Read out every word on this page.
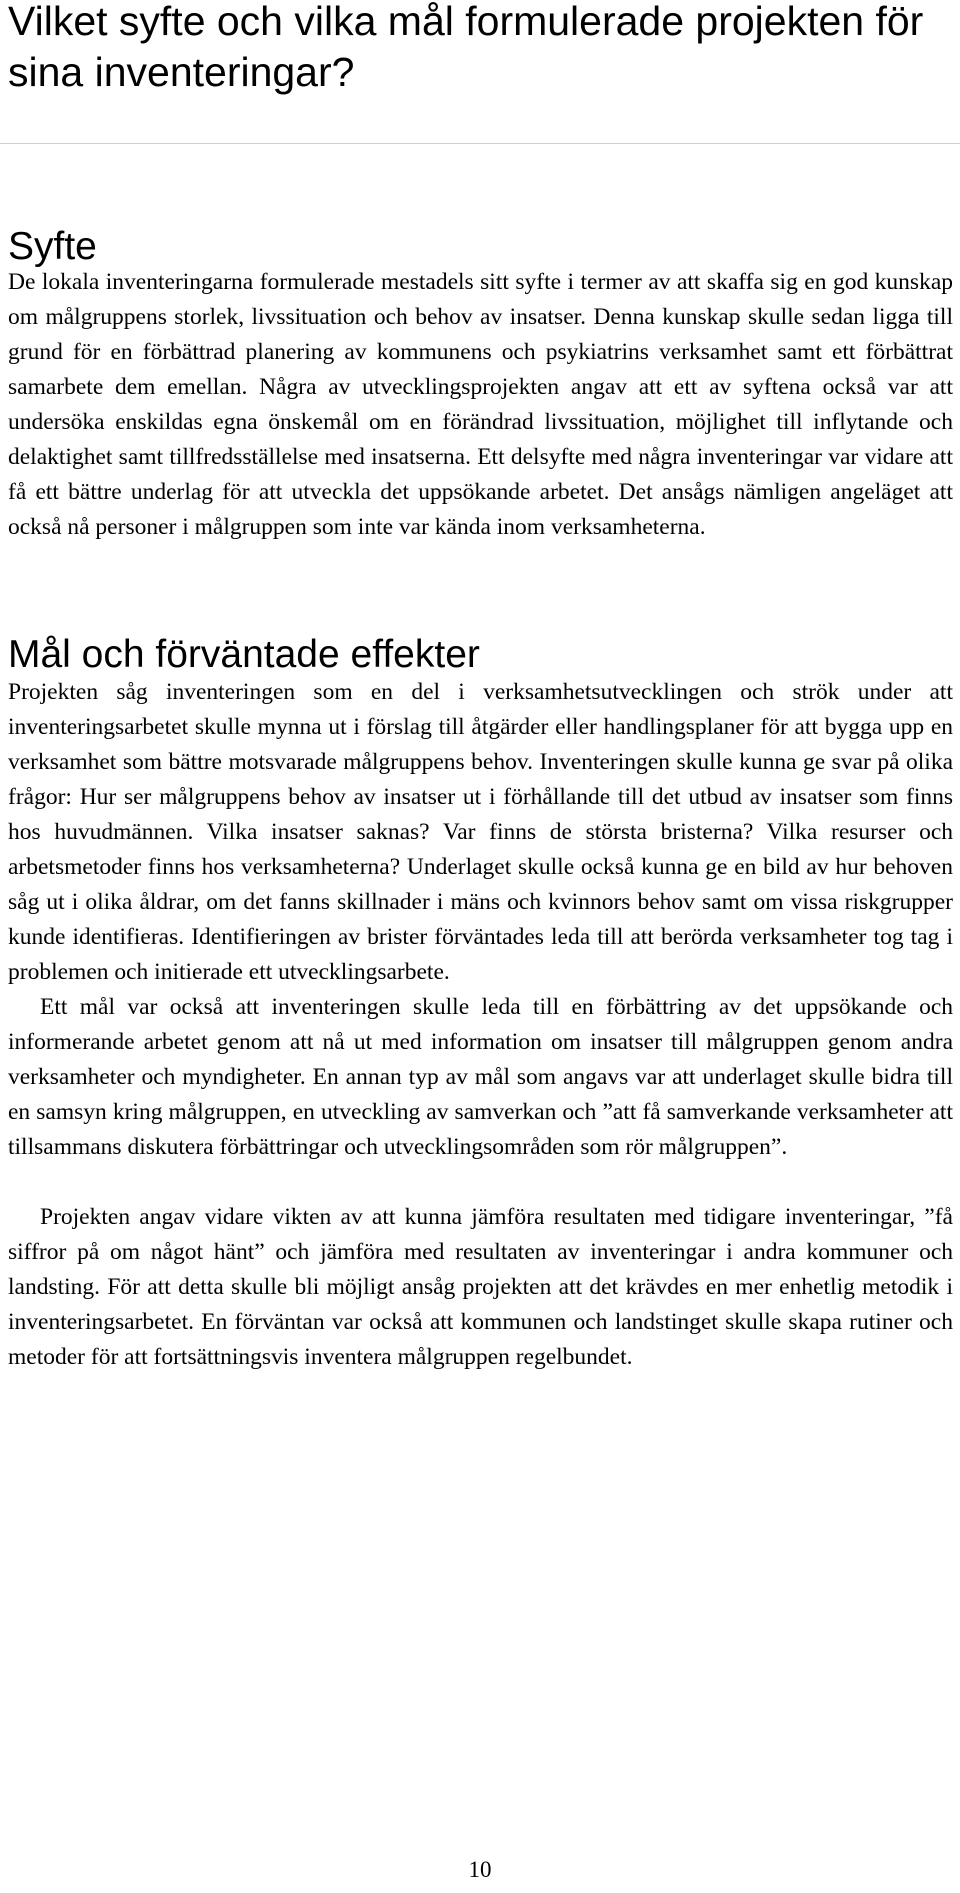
Vilket syfte och vilka mål formulerade projekten för sina inventeringar?
Syfte

De lokala inventeringarna formulerade mestadels sitt syfte i termer av att skaffa sig en god kunskap om målgruppens storlek, livssituation och behov av insatser. Denna kunskap skulle sedan ligga till grund för en förbättrad planering av kommunens och psykiatrins verksamhet samt ett förbättrat samarbete dem emellan. Några av utvecklingsprojekten angav att ett av syftena också var att undersöka enskildas egna önskemål om en förändrad livssituation, möjlighet till inflytande och delaktighet samt tillfredsställelse med insatserna. Ett delsyfte med några inventeringar var vidare att få ett bättre underlag för att utveckla det uppsökande arbetet. Det ansågs nämligen angeläget att också nå personer i målgruppen som inte var kända inom verksamheterna.

Mål och förväntade effekter

Projekten såg inventeringen som en del i verksamhetsutvecklingen och strök under att inventeringsarbetet skulle mynna ut i förslag till åtgärder eller handlingsplaner för att bygga upp en verksamhet som bättre motsvarade målgruppens behov. Inventeringen skulle kunna ge svar på olika frågor: Hur ser målgruppens behov av insatser ut i förhållande till det utbud av insatser som finns hos huvudmännen. Vilka insatser saknas? Var finns de största bristerna? Vilka resurser och arbetsmetoder finns hos verksamheterna? Underlaget skulle också kunna ge en bild av hur behoven såg ut i olika åldrar, om det fanns skillnader i mäns och kvinnors behov samt om vissa riskgrupper kunde identifieras. Identifieringen av brister förväntades leda till att berörda verksamheter tog tag i problemen och initierade ett utvecklingsarbete.

Ett mål var också att inventeringen skulle leda till en förbättring av det uppsökande och informerande arbetet genom att nå ut med information om insatser till målgruppen genom andra verksamheter och myndigheter. En annan typ av mål som angavs var att underlaget skulle bidra till en samsyn kring målgruppen, en utveckling av samverkan och ”att få samverkande verksamheter att tillsammans diskutera förbättringar och utvecklingsområden som rör målgruppen”.

Projekten angav vidare vikten av att kunna jämföra resultaten med tidigare inventeringar, ”få siffror på om något hänt” och jämföra med resultaten av inventeringar i andra kommuner och landsting. För att detta skulle bli möjligt ansåg projekten att det krävdes en mer enhetlig metodik i inventeringsarbetet. En förväntan var också att kommunen och landstinget skulle skapa rutiner och metoder för att fortsättningsvis inventera målgruppen regelbundet.

10
